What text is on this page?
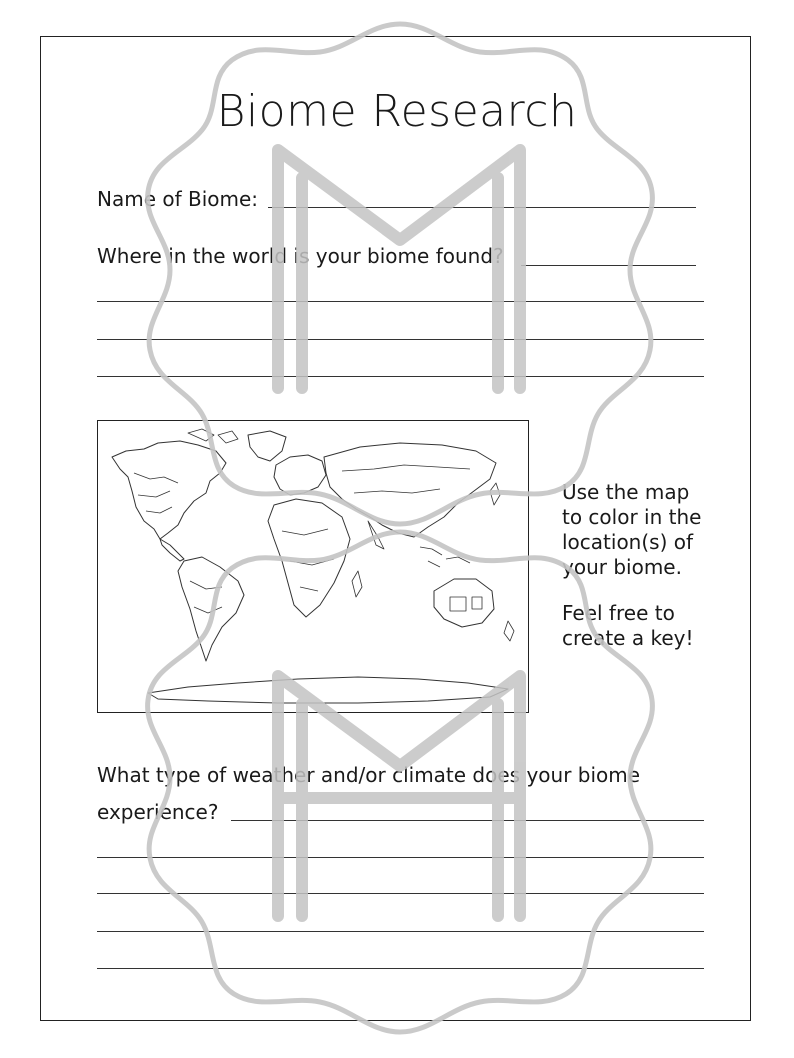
Biome Research
Name of Biome:
Where in the world is your biome found?
Use the map
to color in the
location(s) of
your biome.
Feel free to
create a key!
What type of weather and/or climate does your biome
experience?
